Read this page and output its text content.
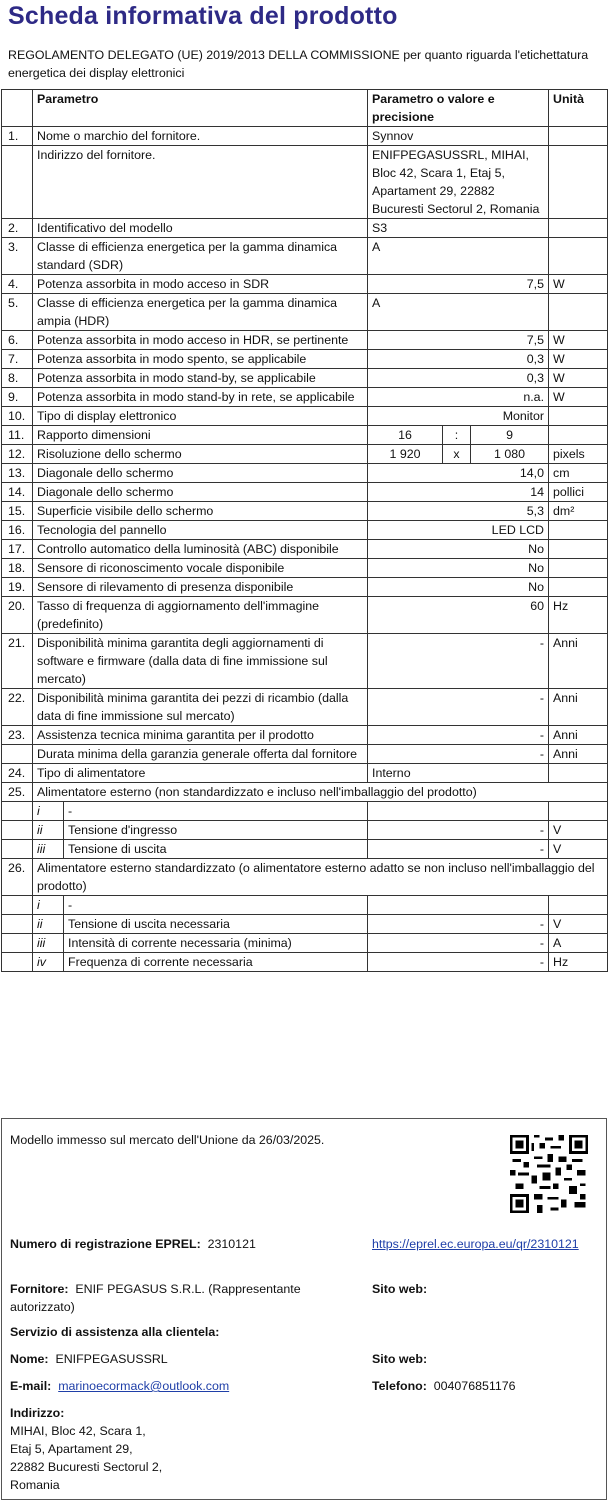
Scheda informativa del prodotto
REGOLAMENTO DELEGATO (UE) 2019/2013 DELLA COMMISSIONE per quanto riguarda l'etichettatura energetica dei display elettronici
	Parametro		Parametro o valore e precisione			Unità
1.	Nome o marchio del fornitore.		Synnov			
	Indirizzo del fornitore.		ENIFPEGASUSSRL, MIHAI, Bloc 42, Scara 1, Etaj 5, Apartament 29, 22882 Bucuresti Sectorul 2, Romania			
2.	Identificativo del modello		S3			
3.	Classe di efficienza energetica per la gamma dinamica standard (SDR)		A			
4.	Potenza assorbita in modo acceso in SDR		7,5			W
5.	Classe di efficienza energetica per la gamma dinamica ampia (HDR)		A			
6.	Potenza assorbita in modo acceso in HDR, se pertinente		7,5			W
7.	Potenza assorbita in modo spento, se applicabile		0,3			W
8.	Potenza assorbita in modo stand-by, se applicabile		0,3			W
9.	Potenza assorbita in modo stand-by in rete, se applicabile		n.a.			W
10.	Tipo di display elettronico		Monitor			
11.	Rapporto dimensioni		16	:	9	
12.	Risoluzione dello schermo		1 920	x	1 080	pixels
13.	Diagonale dello schermo		14,0			cm
14.	Diagonale dello schermo		14			pollici
15.	Superficie visibile dello schermo		5,3			dm²
16.	Tecnologia del pannello		LED LCD			
17.	Controllo automatico della luminosità (ABC) disponibile		No			
18.	Sensore di riconoscimento vocale disponibile		No			
19.	Sensore di rilevamento di presenza disponibile		No			
20.	Tasso di frequenza di aggiornamento dell'immagine (predefinito)		60			Hz
21.	Disponibilità minima garantita degli aggiornamenti di software e firmware (dalla data di fine immissione sul mercato)		-			Anni
22.	Disponibilità minima garantita dei pezzi di ricambio (dalla data di fine immissione sul mercato)		-			Anni
23.	Assistenza tecnica minima garantita per il prodotto		-			Anni
	Durata minima della garanzia generale offerta dal fornitore		-			Anni
24.	Tipo di alimentatore		Interno			
25.	Alimentatore esterno (non standardizzato e incluso nell'imballaggio del prodotto)					
	i	-				
	ii	Tensione d'ingresso	-			V
	iii	Tensione di uscita	-			V
26.	Alimentatore esterno standardizzato (o alimentatore esterno adatto se non incluso nell'imballaggio del prodotto)					
	i	-				
	ii	Tensione di uscita necessaria	-			V
	iii	Intensità di corrente necessaria (minima)	-			A
	iv	Frequenza di corrente necessaria	-			Hz
Modello immesso sul mercato dell'Unione da 26/03/2025.
Numero di registrazione EPREL: 2310121	https://eprel.ec.europa.eu/qr/2310121
Fornitore: ENIF PEGASUS S.R.L. (Rappresentante autorizzato)
Sito web:
Servizio di assistenza alla clientela:
Nome: ENIFPEGASUSSRL	Sito web:
E-mail: marinoecormack@outlook.com	Telefono: 004076851176
Indirizzo:
MIHAI, Bloc 42, Scara 1,
Etaj 5, Apartament 29,
22882 Bucuresti Sectorul 2,
Romania
